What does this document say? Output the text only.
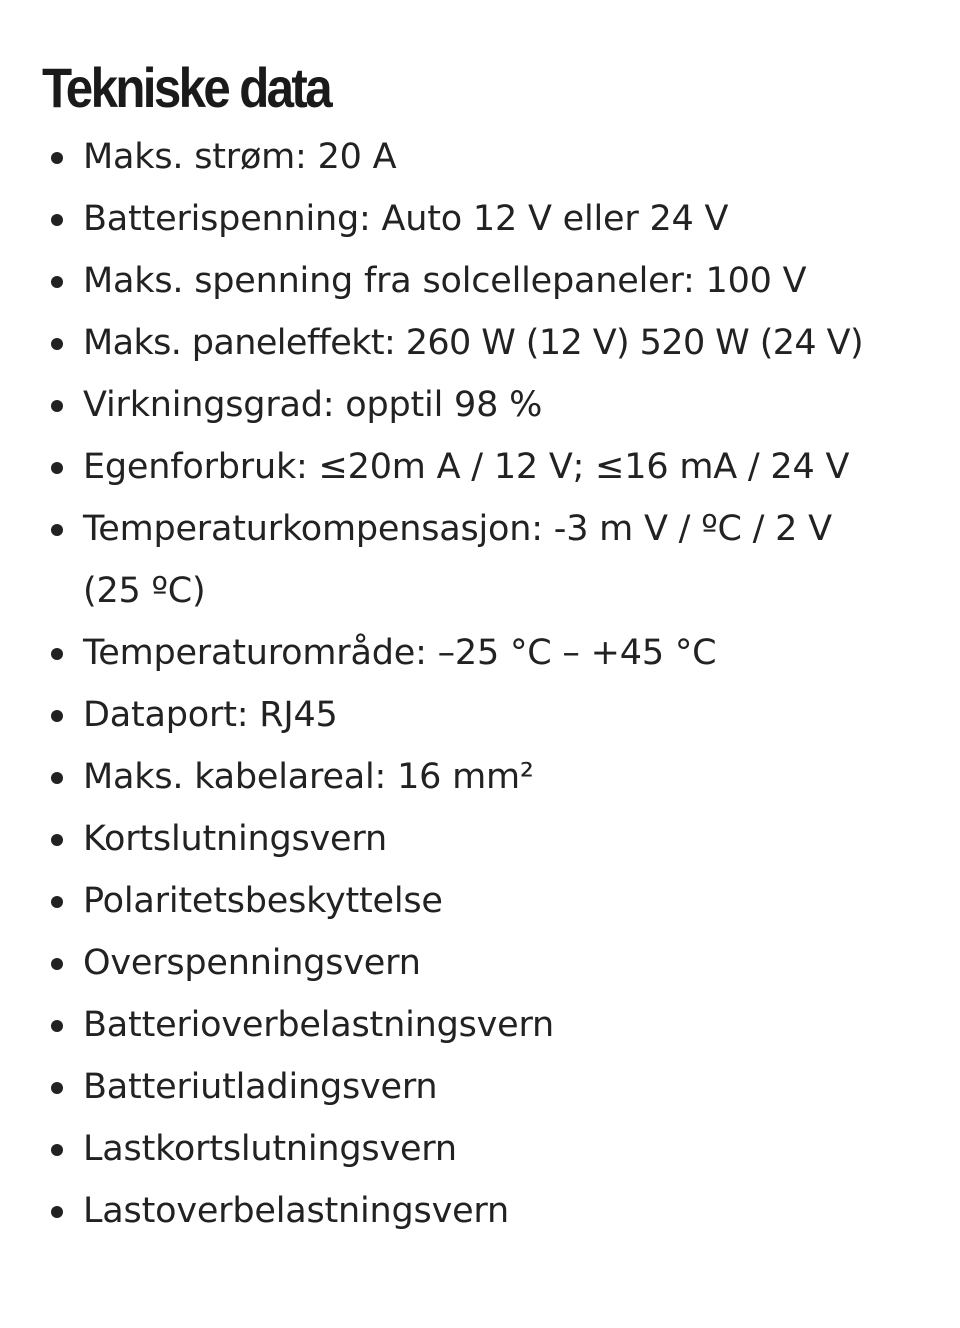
Tekniske data
Maks. strøm: 20 A
Batterispenning: Auto 12 V eller 24 V
Maks. spenning fra solcellepaneler: 100 V
Maks. paneleffekt: 260 W (12 V) 520 W (24 V)
Virkningsgrad: opptil 98 %
Egenforbruk: ≤20m A / 12 V; ≤16 mA / 24 V
Temperaturkompensasjon: -3 m V / ºC / 2 V (25 ºC)
Temperaturområde: –25 °C – +45 °C
Dataport: RJ45
Maks. kabelareal: 16 mm²
Kortslutningsvern
Polaritetsbeskyttelse
Overspenningsvern
Batterioverbelastningsvern
Batteriutladingsvern
Lastkortslutningsvern
Lastoverbelastningsvern
